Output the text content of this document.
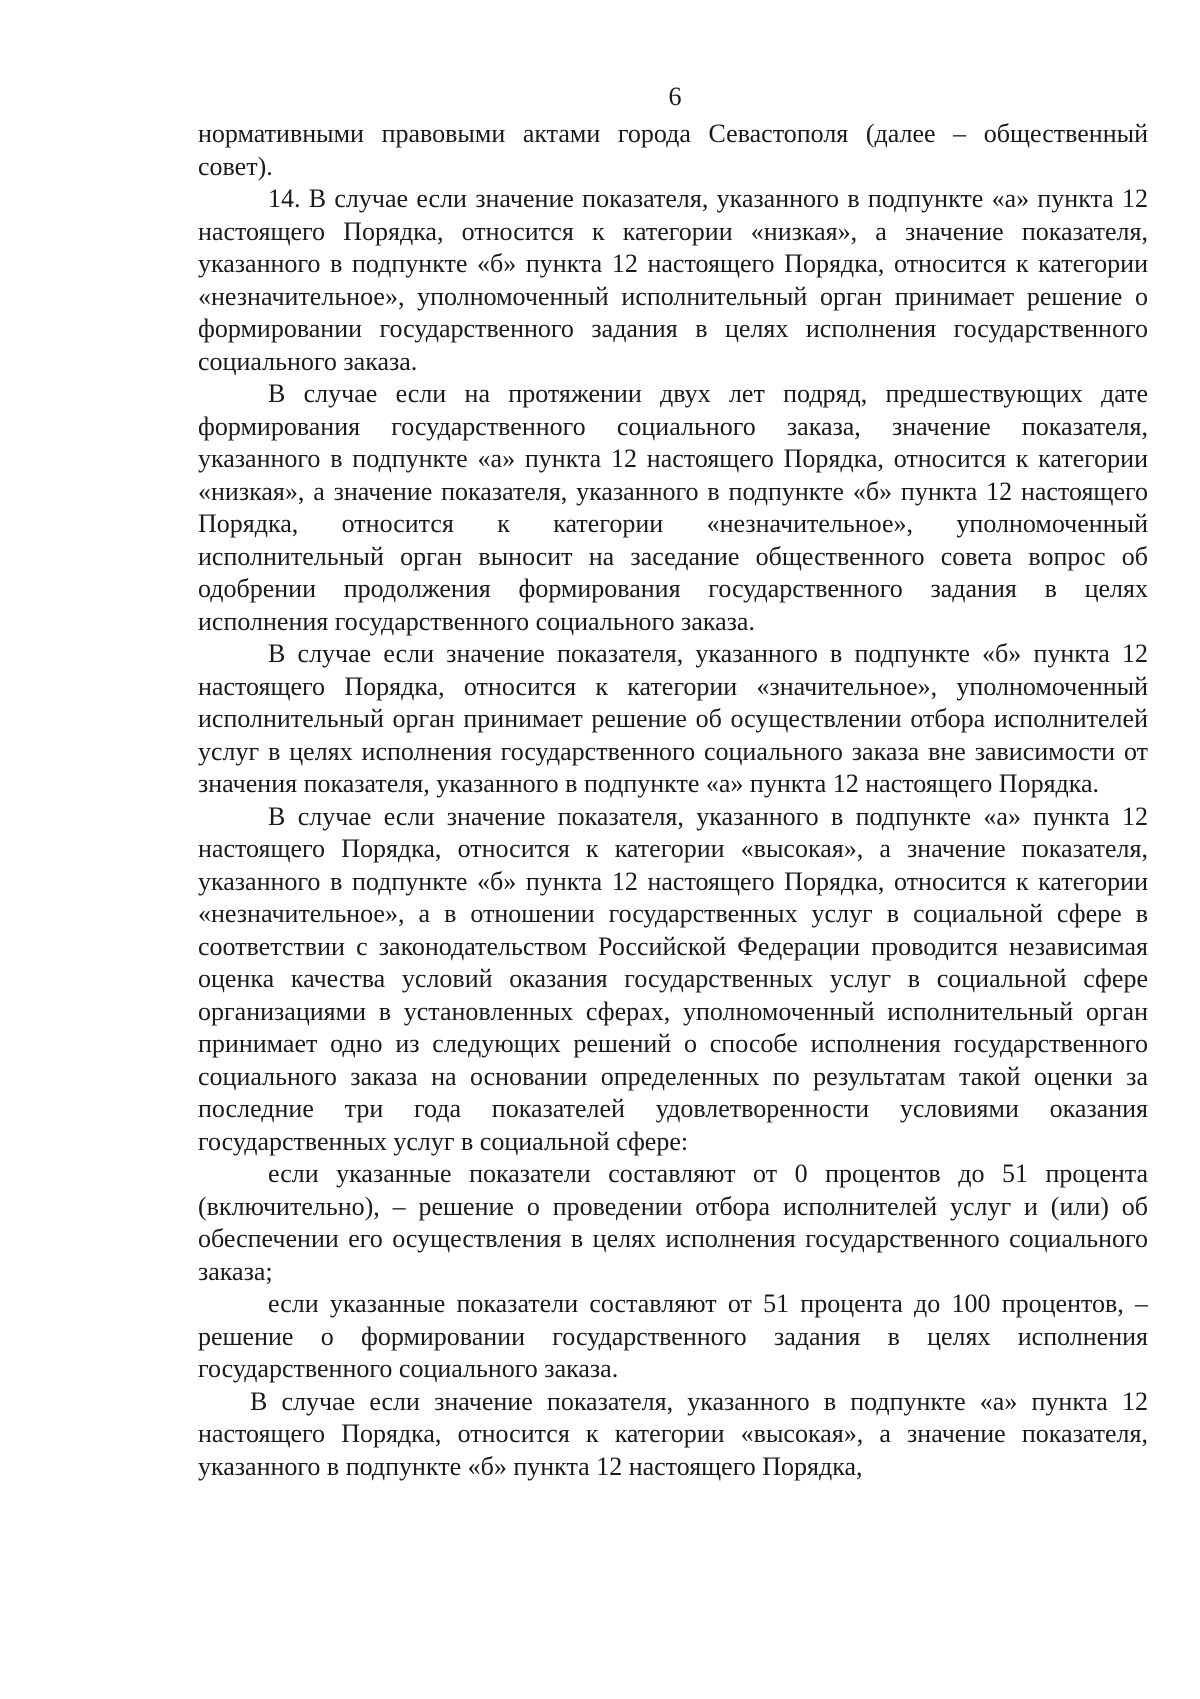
6

нормативными правовыми актами города Севастополя (далее – общественный совет).

14. В случае если значение показателя, указанного в подпункте «а» пункта 12 настоящего Порядка, относится к категории «низкая», а значение показателя, указанного в подпункте «б» пункта 12 настоящего Порядка, относится к категории «незначительное», уполномоченный исполнительный орган принимает решение о формировании государственного задания в целях исполнения государственного социального заказа.

В случае если на протяжении двух лет подряд, предшествующих дате формирования государственного социального заказа, значение показателя, указанного в подпункте «а» пункта 12 настоящего Порядка, относится к категории «низкая», а значение показателя, указанного в подпункте «б» пункта 12 настоящего Порядка, относится к категории «незначительное», уполномоченный исполнительный орган выносит на заседание общественного совета вопрос об одобрении продолжения формирования государственного задания в целях исполнения государственного социального заказа.

В случае если значение показателя, указанного в подпункте «б» пункта 12 настоящего Порядка, относится к категории «значительное», уполномоченный исполнительный орган принимает решение об осуществлении отбора исполнителей услуг в целях исполнения государственного социального заказа вне зависимости от значения показателя, указанного в подпункте «а» пункта 12 настоящего Порядка.

В случае если значение показателя, указанного в подпункте «а» пункта 12 настоящего Порядка, относится к категории «высокая», а значение показателя, указанного в подпункте «б» пункта 12 настоящего Порядка, относится к категории «незначительное», а в отношении государственных услуг в социальной сфере в соответствии с законодательством Российской Федерации проводится независимая оценка качества условий оказания государственных услуг в социальной сфере организациями в установленных сферах, уполномоченный исполнительный орган принимает одно из следующих решений о способе исполнения государственного социального заказа на основании определенных по результатам такой оценки за последние три года показателей удовлетворенности условиями оказания государственных услуг в социальной сфере:

если указанные показатели составляют от 0 процентов до 51 процента (включительно), – решение о проведении отбора исполнителей услуг и (или) об обеспечении его осуществления в целях исполнения государственного социального заказа;

если указанные показатели составляют от 51 процента до 100 процентов, – решение о формировании государственного задания в целях исполнения государственного социального заказа.

В случае если значение показателя, указанного в подпункте «а» пункта 12 настоящего Порядка, относится к категории «высокая», а значение показателя, указанного в подпункте «б» пункта 12 настоящего Порядка,
